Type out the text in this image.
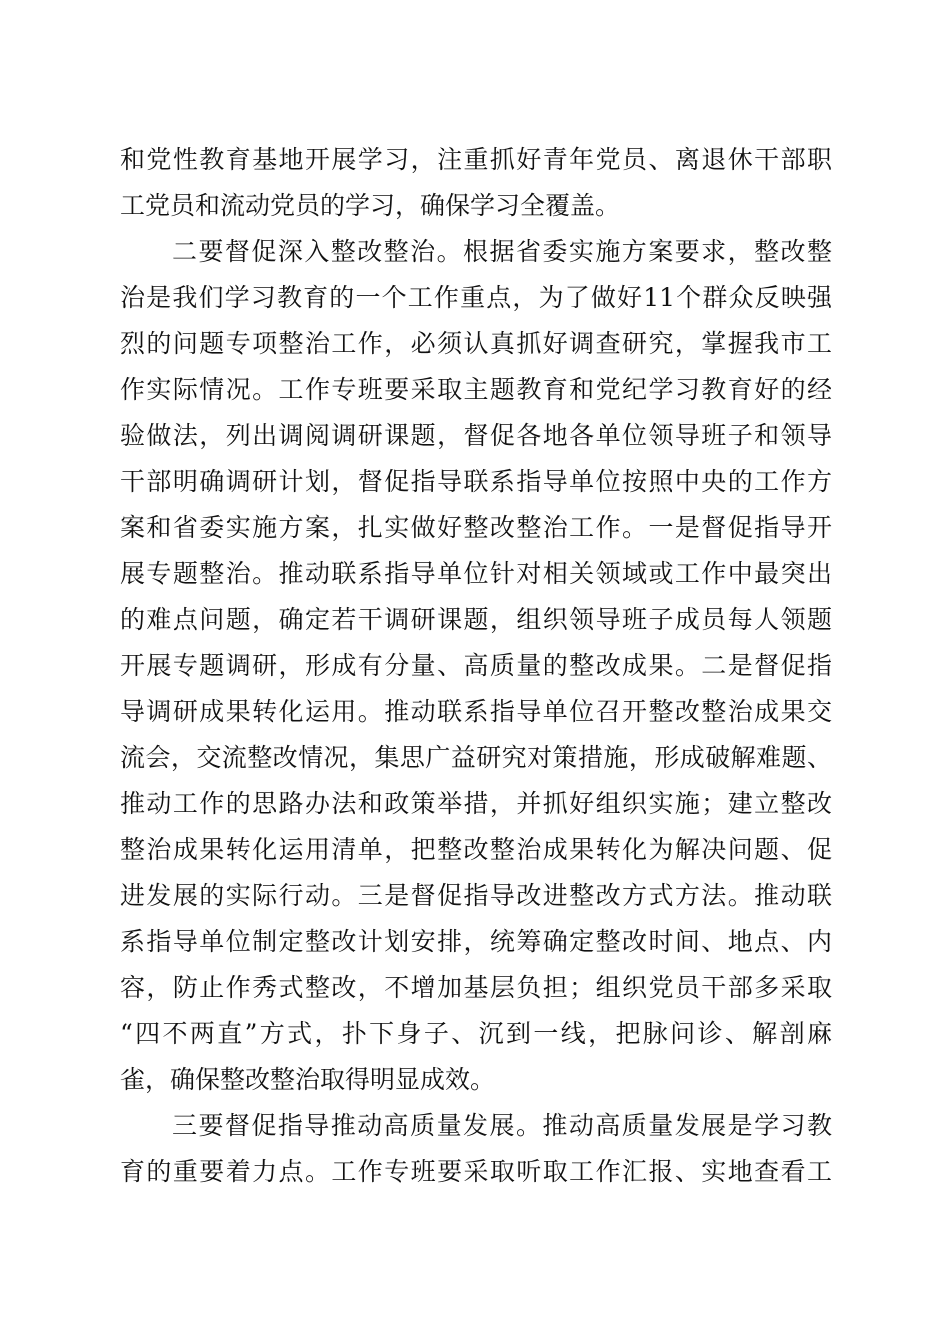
和党性教育基地开展学习，注重抓好青年党员、离退休干部职
工党员和流动党员的学习，确保学习全覆盖。
二要督促深入整改整治。根据省委实施方案要求，整改整
治是我们学习教育的一个工作重点，为了做好11个群众反映强
烈的问题专项整治工作，必须认真抓好调查研究，掌握我市工
作实际情况。工作专班要采取主题教育和党纪学习教育好的经
验做法，列出调阅调研课题，督促各地各单位领导班子和领导
干部明确调研计划，督促指导联系指导单位按照中央的工作方
案和省委实施方案，扎实做好整改整治工作。一是督促指导开
展专题整治。推动联系指导单位针对相关领域或工作中最突出
的难点问题，确定若干调研课题，组织领导班子成员每人领题
开展专题调研，形成有分量、高质量的整改成果。二是督促指
导调研成果转化运用。推动联系指导单位召开整改整治成果交
流会，交流整改情况，集思广益研究对策措施，形成破解难题、
推动工作的思路办法和政策举措，并抓好组织实施；建立整改
整治成果转化运用清单，把整改整治成果转化为解决问题、促
进发展的实际行动。三是督促指导改进整改方式方法。推动联
系指导单位制定整改计划安排，统筹确定整改时间、地点、内
容，防止作秀式整改，不增加基层负担；组织党员干部多采取
“四不两直”方式，扑下身子、沉到一线，把脉问诊、解剖麻
雀，确保整改整治取得明显成效。
三要督促指导推动高质量发展。推动高质量发展是学习教
育的重要着力点。工作专班要采取听取工作汇报、实地查看工
